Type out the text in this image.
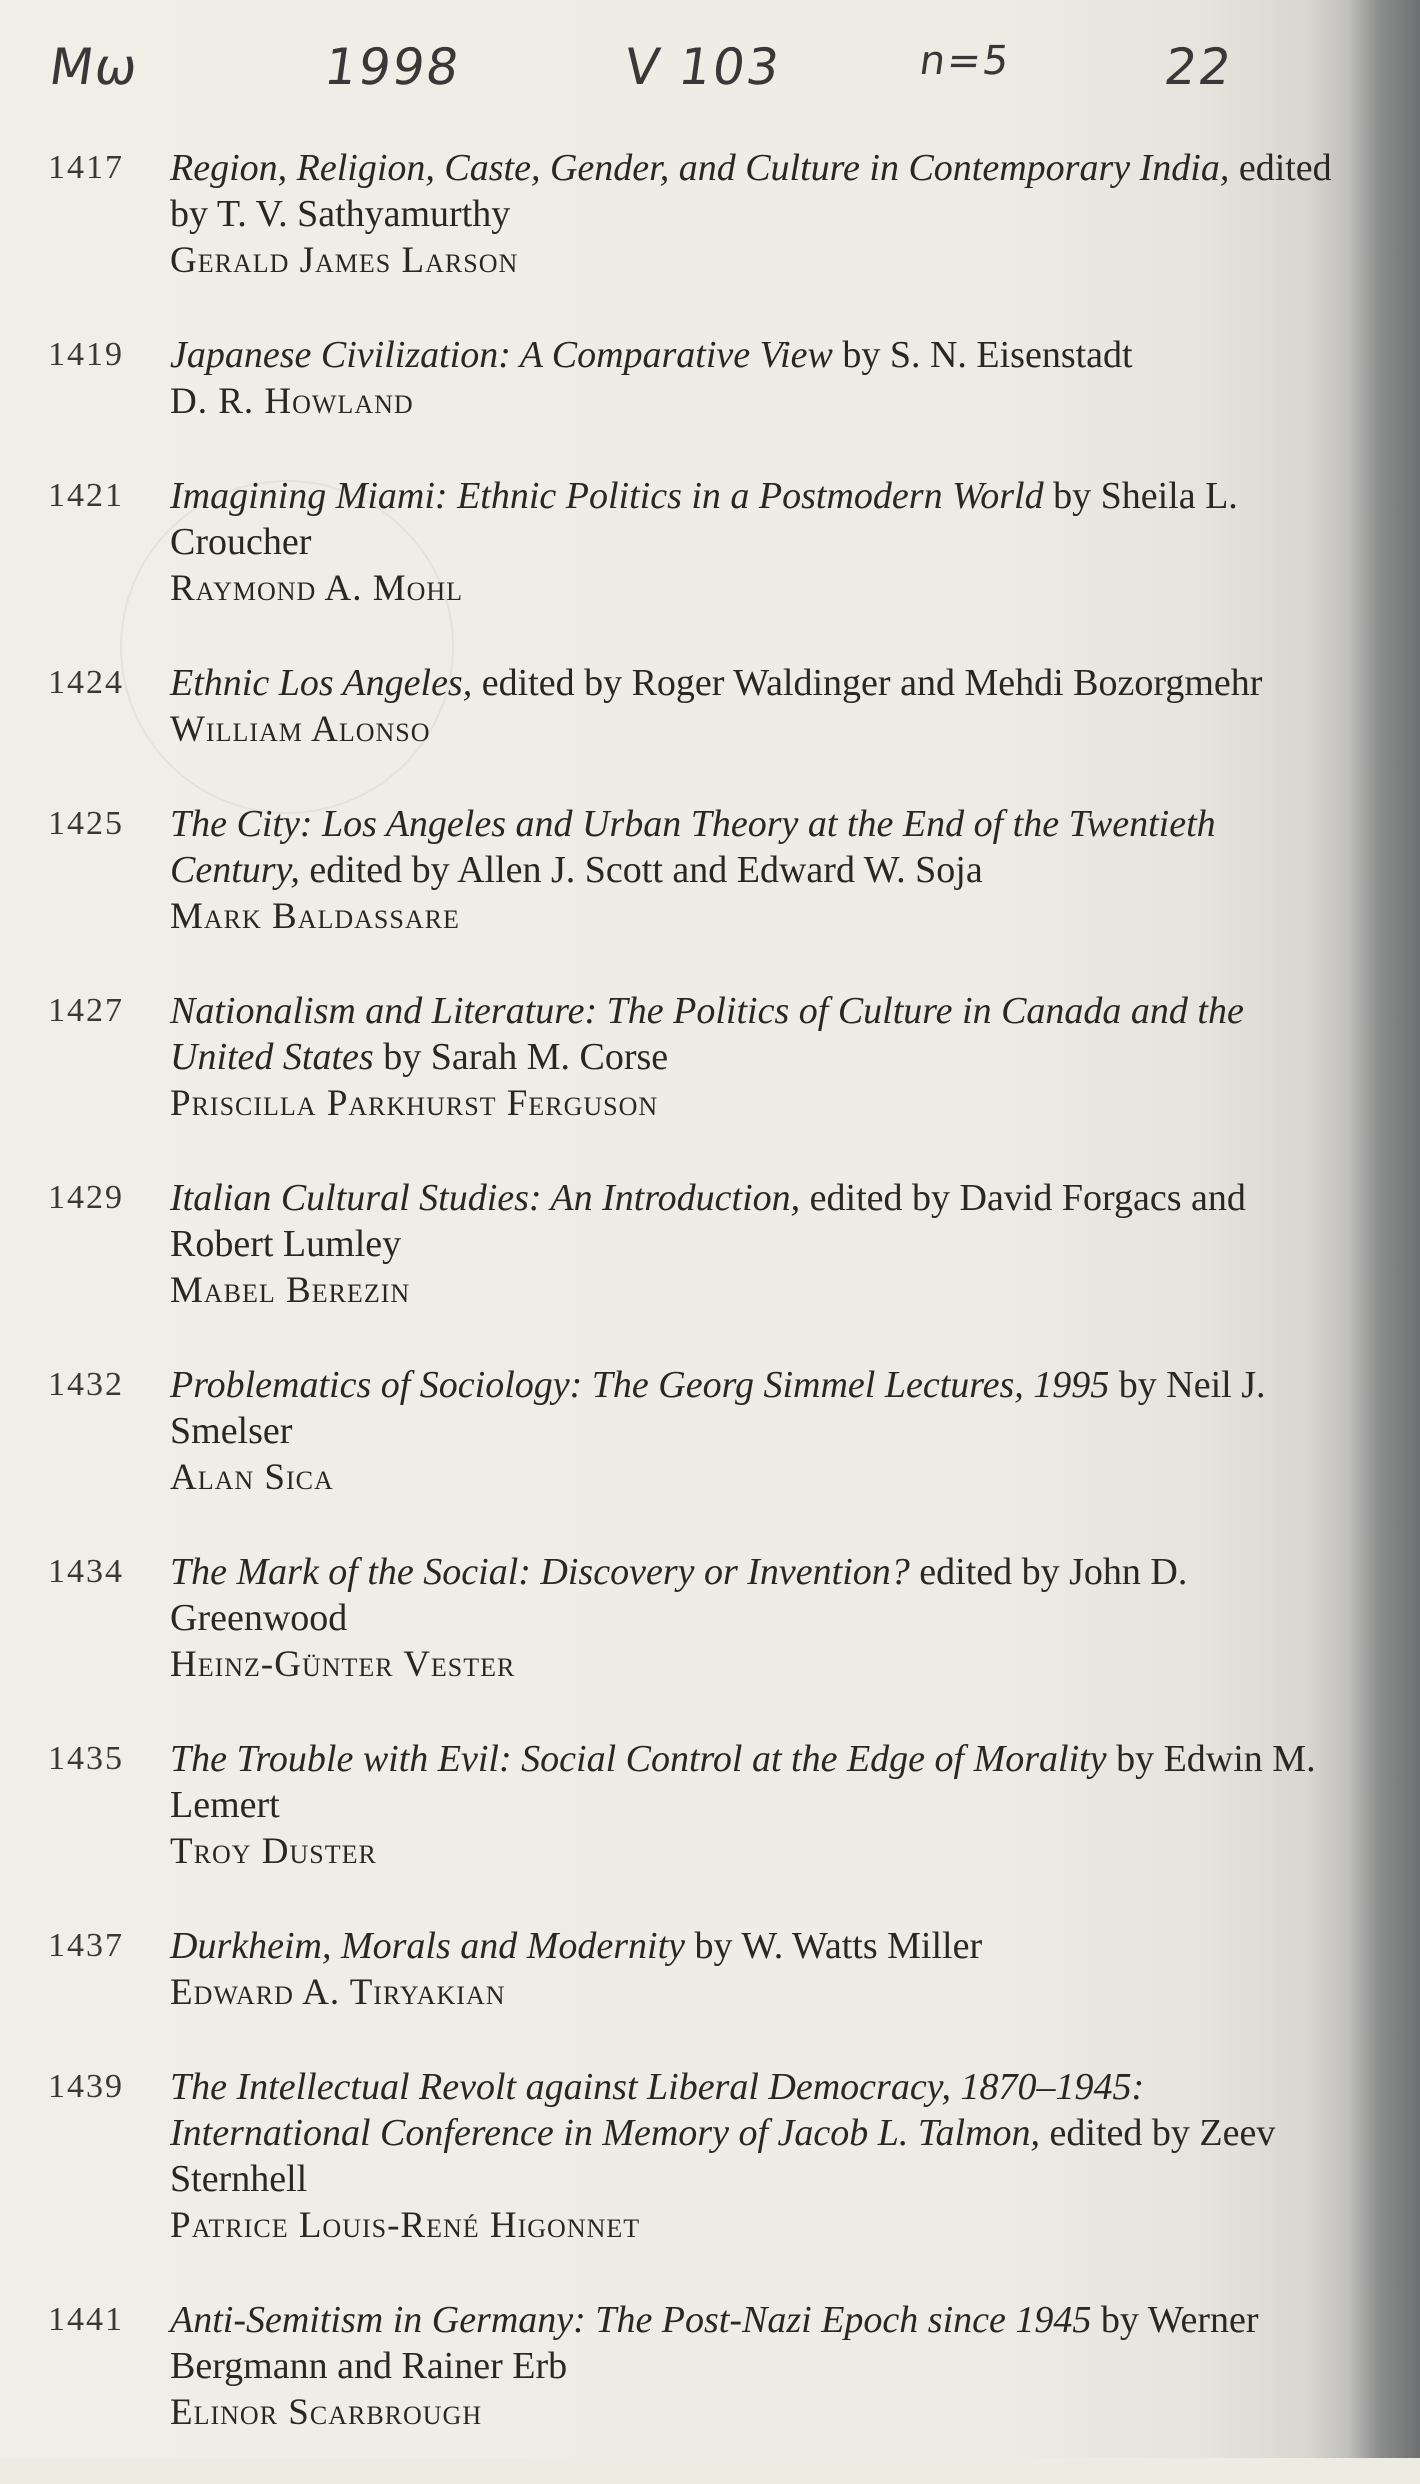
Μω	1998	V 103	n=5	22
1417	Region, Religion, Caste, Gender, and Culture in Contemporary India, edited by T. V. Sathyamurthy
Gerald James Larson
1419	Japanese Civilization: A Comparative View by S. N. Eisenstadt
D. R. Howland
1421	Imagining Miami: Ethnic Politics in a Postmodern World by Sheila L. Croucher
Raymond A. Mohl
1424	Ethnic Los Angeles, edited by Roger Waldinger and Mehdi Bozorgmehr
William Alonso
1425	The City: Los Angeles and Urban Theory at the End of the Twentieth Century, edited by Allen J. Scott and Edward W. Soja
Mark Baldassare
1427	Nationalism and Literature: The Politics of Culture in Canada and the United States by Sarah M. Corse
Priscilla Parkhurst Ferguson
1429	Italian Cultural Studies: An Introduction, edited by David Forgacs and Robert Lumley
Mabel Berezin
1432	Problematics of Sociology: The Georg Simmel Lectures, 1995 by Neil J. Smelser
Alan Sica
1434	The Mark of the Social: Discovery or Invention? edited by John D. Greenwood
Heinz-Günter Vester
1435	The Trouble with Evil: Social Control at the Edge of Morality by Edwin M. Lemert
Troy Duster
1437	Durkheim, Morals and Modernity by W. Watts Miller
Edward A. Tiryakian
1439	The Intellectual Revolt against Liberal Democracy, 1870–1945: International Conference in Memory of Jacob L. Talmon, edited by Zeev Sternhell
Patrice Louis-René Higonnet
1441	Anti-Semitism in Germany: The Post-Nazi Epoch since 1945 by Werner Bergmann and Rainer Erb
Elinor Scarbrough
